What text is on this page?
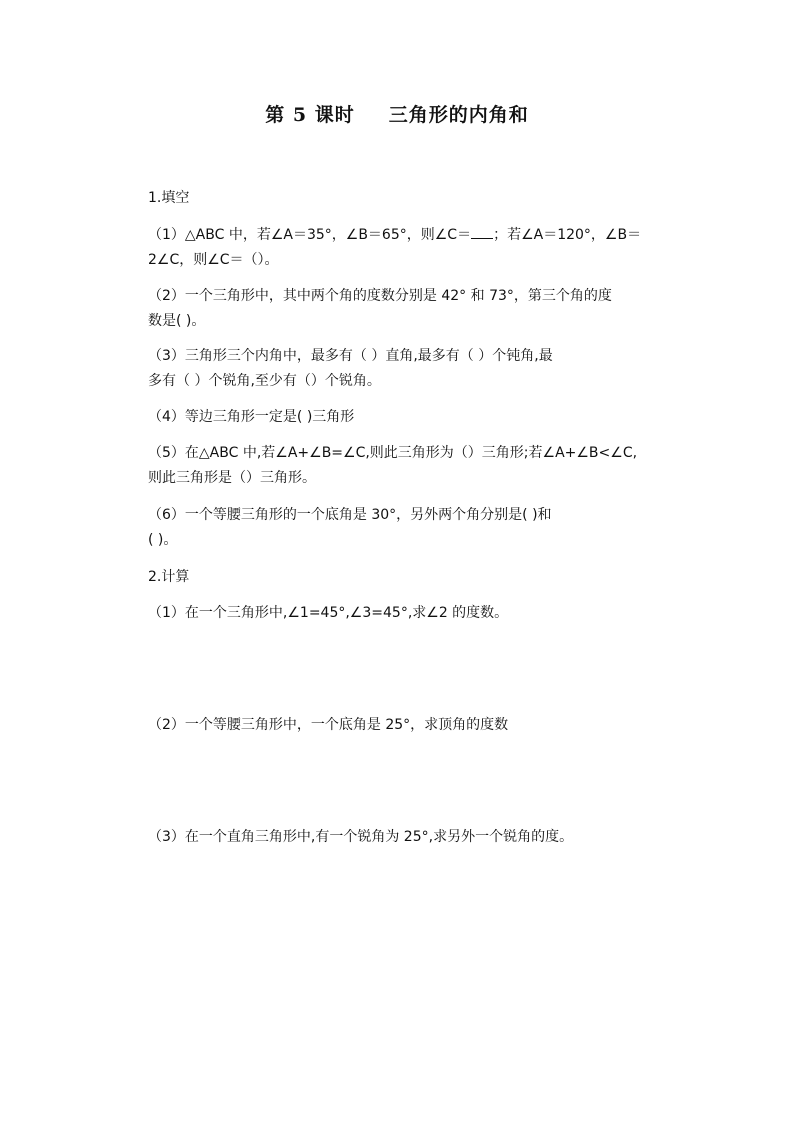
第 5 课时 三角形的内角和
1.填空
（1）△ABC 中，若∠A＝35°，∠B＝65°，则∠C＝ ；若∠A＝120°，∠B＝
2∠C，则∠C＝（）。
（2）一个三角形中，其中两个角的度数分别是 42° 和 73°，第三个角的度
数是( )。
（3）三角形三个内角中，最多有（ ）直角,最多有（ ）个钝角,最
多有（ ）个锐角,至少有（）个锐角。
（4）等边三角形一定是( )三角形
（5）在△ABC 中,若∠A+∠B=∠C,则此三角形为（）三角形;若∠A+∠B<∠C,
则此三角形是（）三角形。
（6）一个等腰三角形的一个底角是 30°，另外两个角分别是( )和
( )。
2.计算
（1）在一个三角形中,∠1=45°,∠3=45°,求∠2 的度数。
（2）一个等腰三角形中，一个底角是 25°，求顶角的度数
（3）在一个直角三角形中,有一个锐角为 25°,求另外一个锐角的度。
